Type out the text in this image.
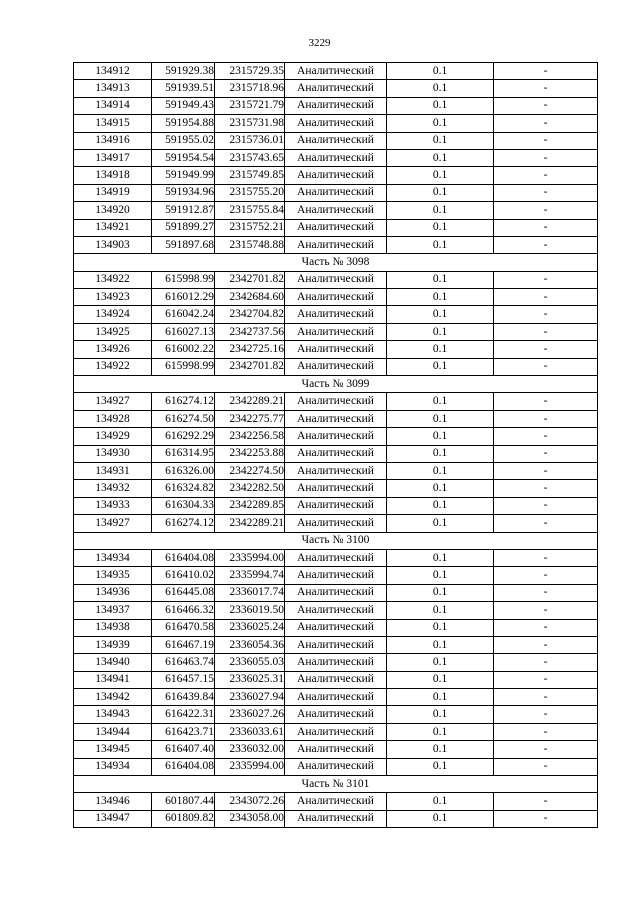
3229
134912	591929.38	2315729.35	Аналитический	0.1	-
134913	591939.51	2315718.96	Аналитический	0.1	-
134914	591949.43	2315721.79	Аналитический	0.1	-
134915	591954.88	2315731.98	Аналитический	0.1	-
134916	591955.02	2315736.01	Аналитический	0.1	-
134917	591954.54	2315743.65	Аналитический	0.1	-
134918	591949.99	2315749.85	Аналитический	0.1	-
134919	591934.96	2315755.20	Аналитический	0.1	-
134920	591912.87	2315755.84	Аналитический	0.1	-
134921	591899.27	2315752.21	Аналитический	0.1	-
134903	591897.68	2315748.88	Аналитический	0.1	-
Часть № 3098					
134922	615998.99	2342701.82	Аналитический	0.1	-
134923	616012.29	2342684.60	Аналитический	0.1	-
134924	616042.24	2342704.82	Аналитический	0.1	-
134925	616027.13	2342737.56	Аналитический	0.1	-
134926	616002.22	2342725.16	Аналитический	0.1	-
134922	615998.99	2342701.82	Аналитический	0.1	-
Часть № 3099					
134927	616274.12	2342289.21	Аналитический	0.1	-
134928	616274.50	2342275.77	Аналитический	0.1	-
134929	616292.29	2342256.58	Аналитический	0.1	-
134930	616314.95	2342253.88	Аналитический	0.1	-
134931	616326.00	2342274.50	Аналитический	0.1	-
134932	616324.82	2342282.50	Аналитический	0.1	-
134933	616304.33	2342289.85	Аналитический	0.1	-
134927	616274.12	2342289.21	Аналитический	0.1	-
Часть № 3100					
134934	616404.08	2335994.00	Аналитический	0.1	-
134935	616410.02	2335994.74	Аналитический	0.1	-
134936	616445.08	2336017.74	Аналитический	0.1	-
134937	616466.32	2336019.50	Аналитический	0.1	-
134938	616470.58	2336025.24	Аналитический	0.1	-
134939	616467.19	2336054.36	Аналитический	0.1	-
134940	616463.74	2336055.03	Аналитический	0.1	-
134941	616457.15	2336025.31	Аналитический	0.1	-
134942	616439.84	2336027.94	Аналитический	0.1	-
134943	616422.31	2336027.26	Аналитический	0.1	-
134944	616423.71	2336033.61	Аналитический	0.1	-
134945	616407.40	2336032.00	Аналитический	0.1	-
134934	616404.08	2335994.00	Аналитический	0.1	-
Часть № 3101					
134946	601807.44	2343072.26	Аналитический	0.1	-
134947	601809.82	2343058.00	Аналитический	0.1	-
